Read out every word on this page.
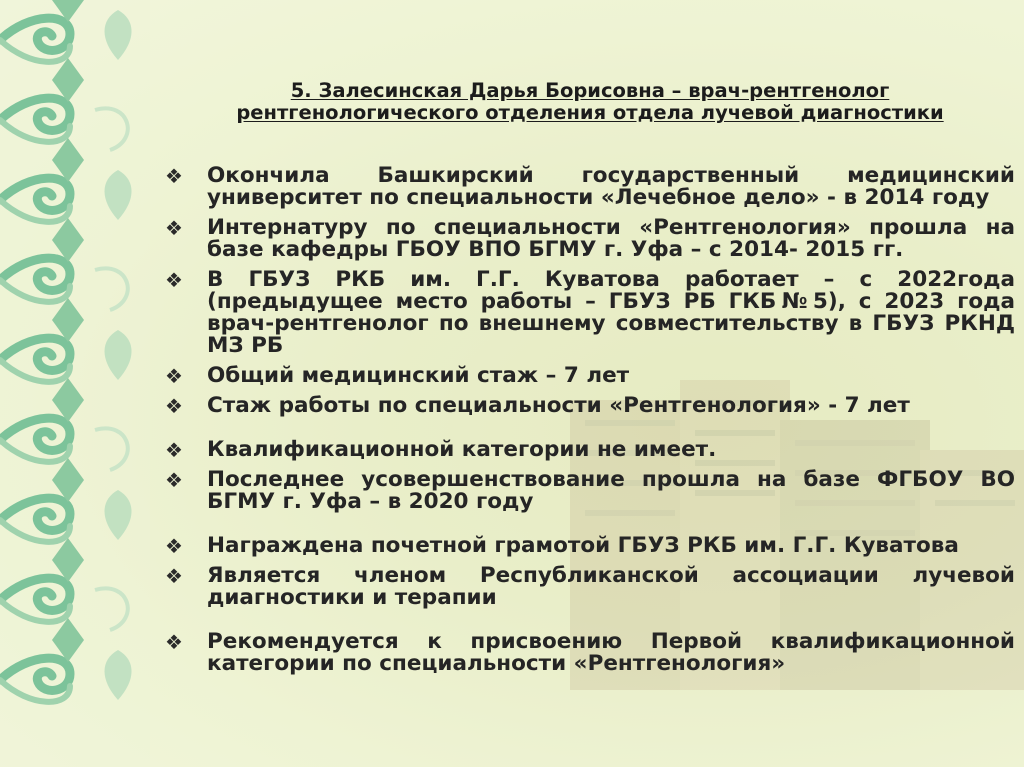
5. Залесинская Дарья Борисовна – врач-рентгенолог
рентгенологического отделения отдела лучевой диагностики
❖ Окончила Башкирский государственный медицинский университет по специальности «Лечебное дело» - в 2014 году
❖ Интернатуру по специальности «Рентгенология» прошла на базе кафедры ГБОУ ВПО БГМУ г. Уфа – с 2014- 2015 гг.
❖ В ГБУЗ РКБ им. Г.Г. Куватова работает – с 2022года (предыдущее место работы – ГБУЗ РБ ГКБ№5), с 2023 года врач-рентгенолог по внешнему совместительству в ГБУЗ РКНД МЗ РБ
❖ Общий медицинский стаж – 7 лет
❖ Стаж работы по специальности «Рентгенология» - 7 лет
❖ Квалификационной категории не имеет.
❖ Последнее усовершенствование прошла на базе ФГБОУ ВО БГМУ г. Уфа – в 2020 году
❖ Награждена почетной грамотой ГБУЗ РКБ им. Г.Г. Куватова
❖ Является членом Республиканской ассоциации лучевой диагностики и терапии
❖ Рекомендуется к присвоению Первой квалификационной категории по специальности «Рентгенология»
